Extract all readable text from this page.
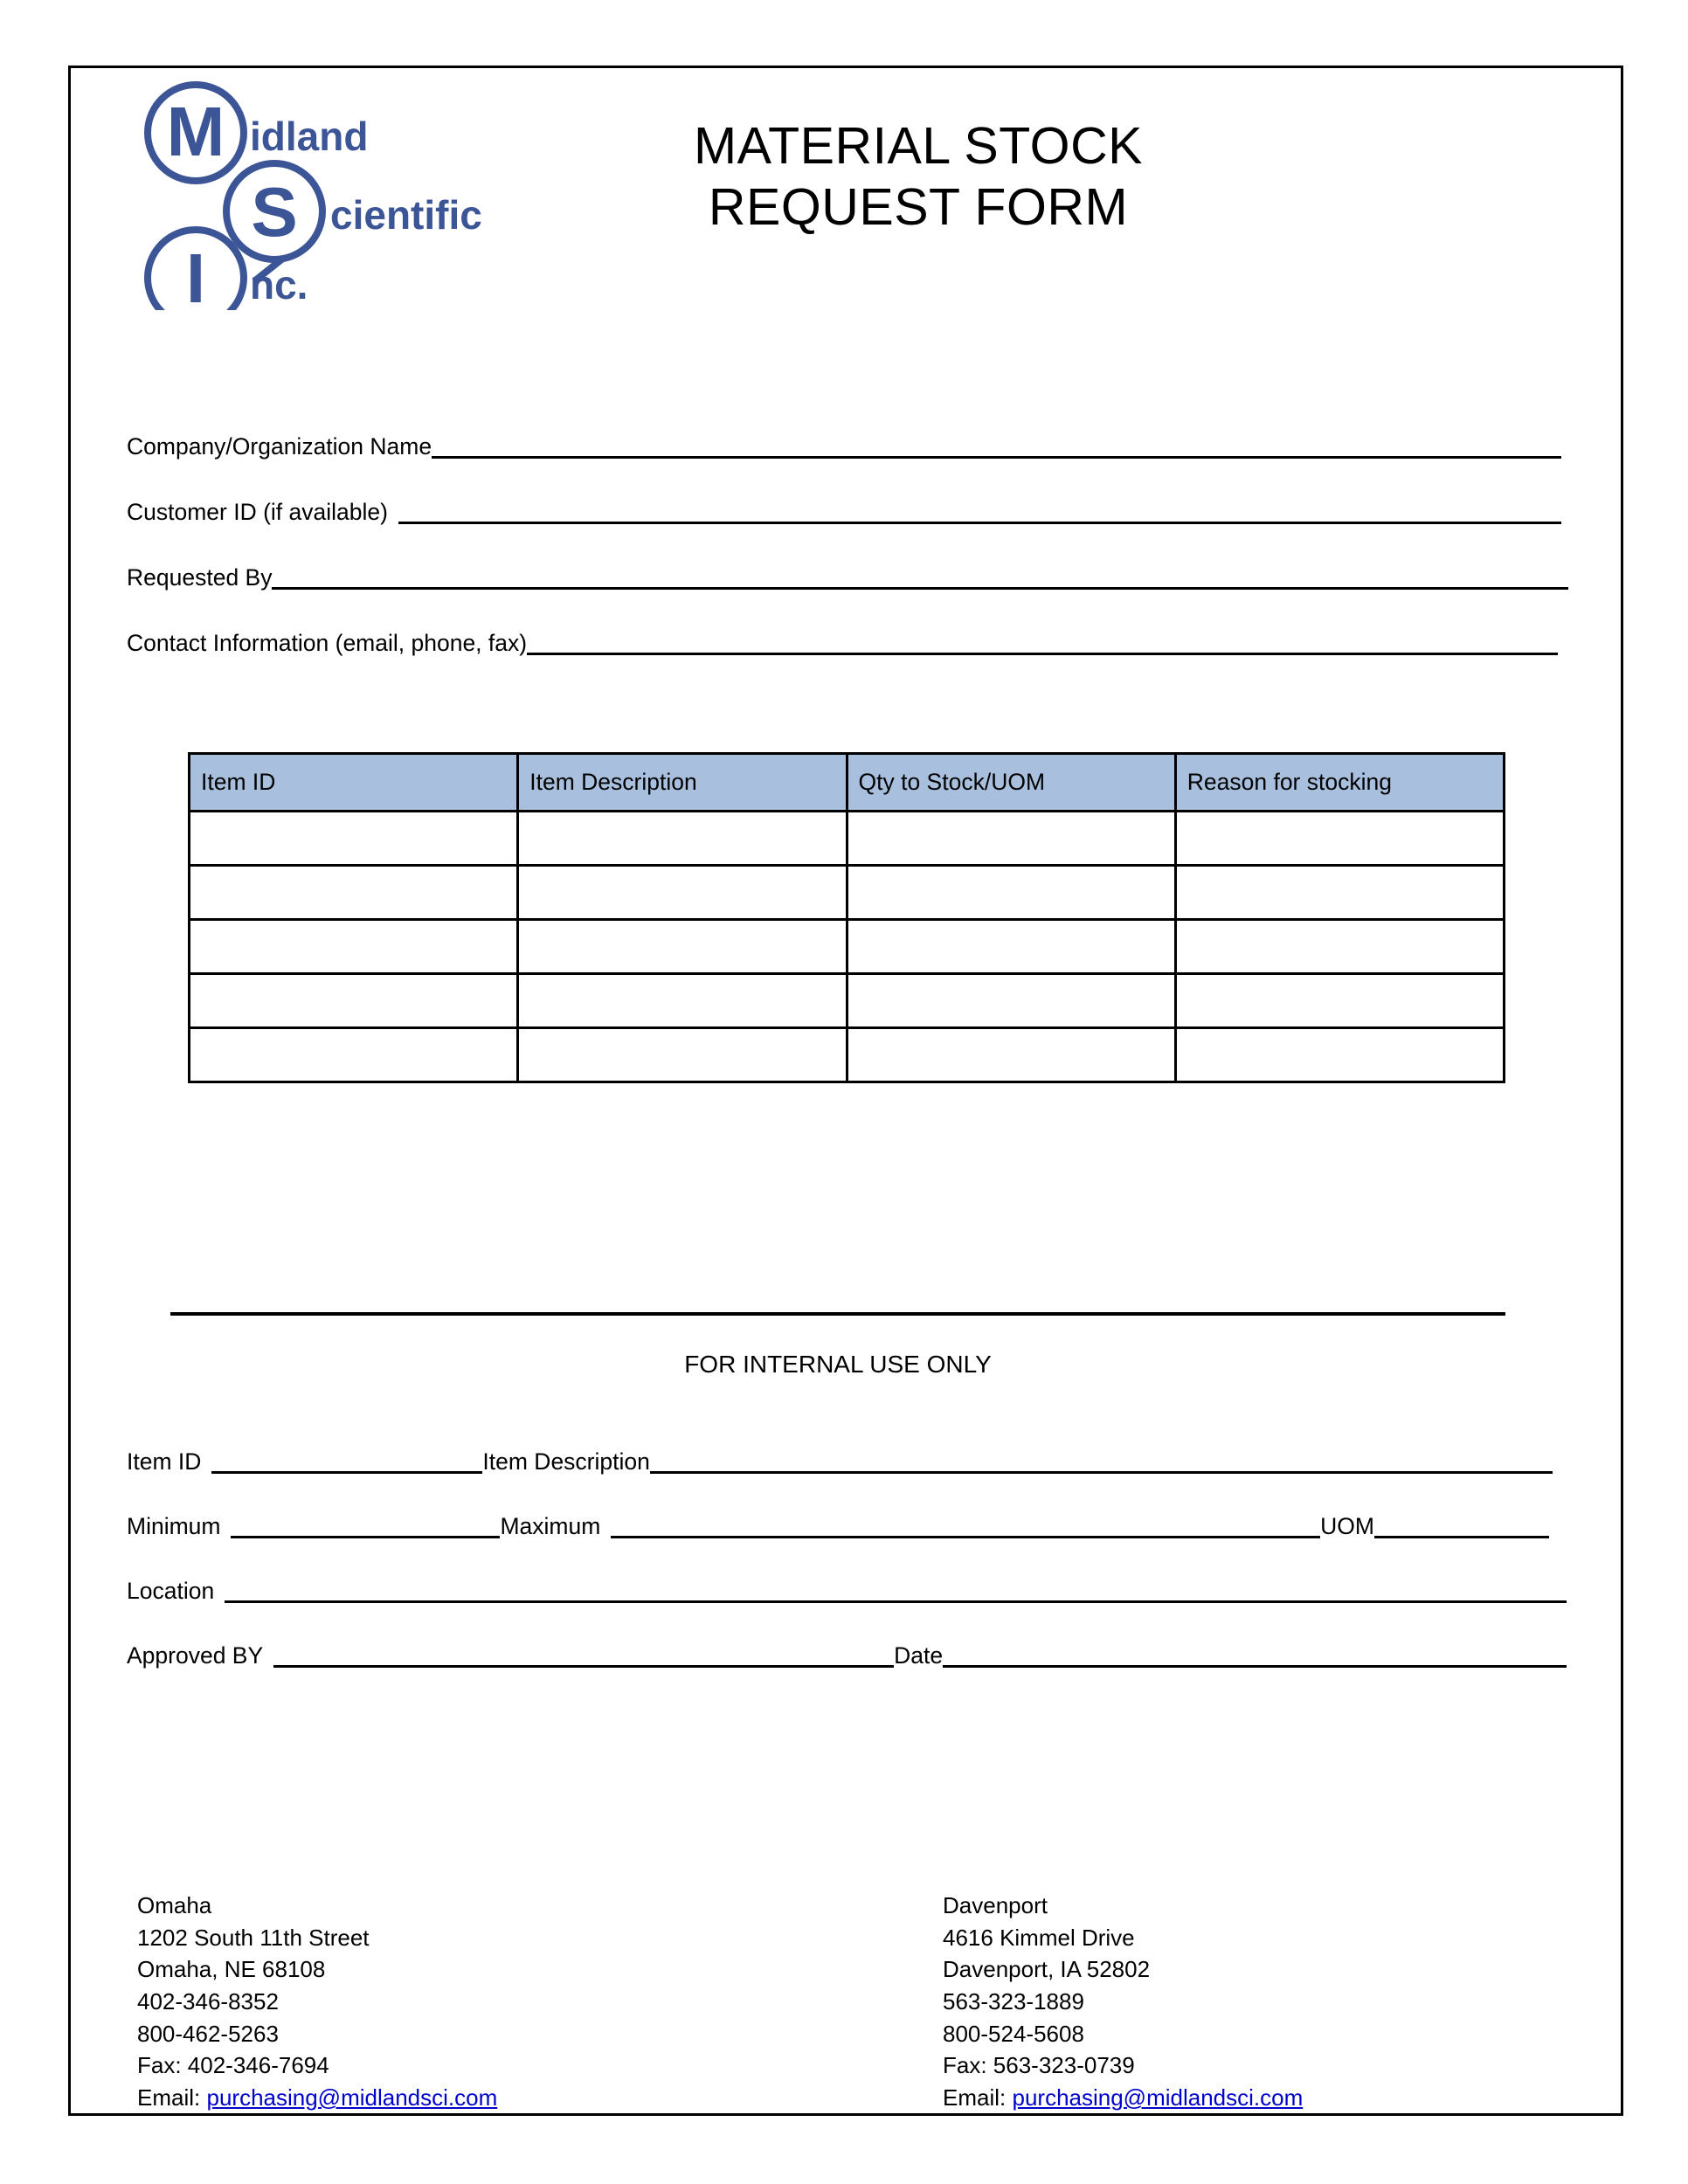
M
S
I
idland
cientific
nc.
MATERIAL STOCK
REQUEST FORM
Company/Organization Name
Customer ID (if available)
Requested By
Contact Information (email, phone, fax)
Item ID	Item Description	Qty to Stock/UOM	Reason for stocking

FOR INTERNAL USE ONLY
Item ID	Item Description
Minimum	Maximum	UOM
Location
Approved BY	Date
Omaha
1202 South 11th Street
Omaha, NE 68108
402-346-8352
800-462-5263
Fax: 402-346-7694
Email: purchasing@midlandsci.com
Davenport
4616 Kimmel Drive
Davenport, IA 52802
563-323-1889
800-524-5608
Fax: 563-323-0739
Email: purchasing@midlandsci.com
